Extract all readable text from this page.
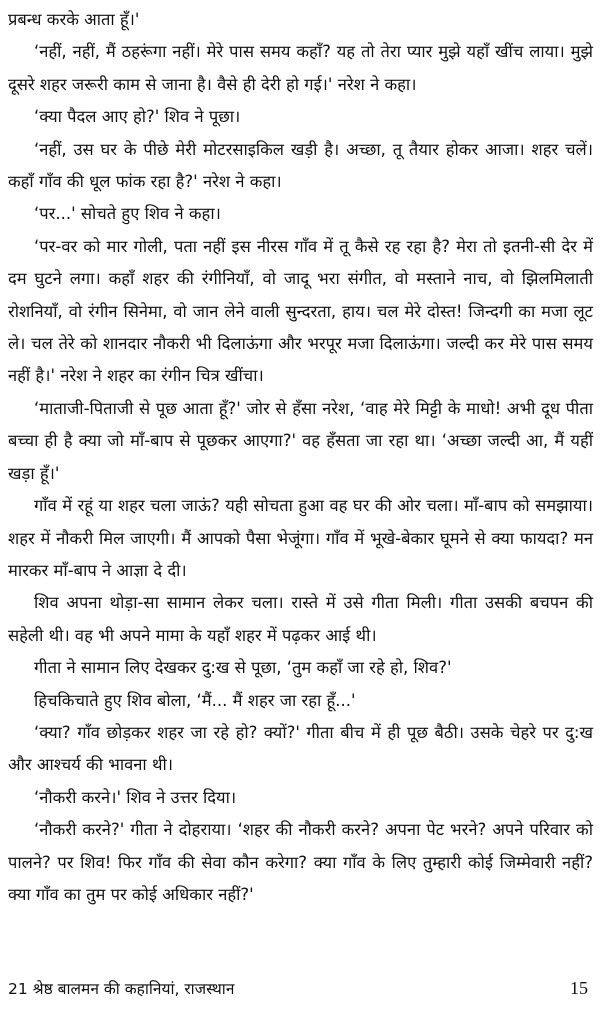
प्रबन्ध करके आता हूँ।'

‘नहीं, नहीं, मैं ठहरूंगा नहीं। मेरे पास समय कहाँ? यह तो तेरा प्यार मुझे यहाँ खींच लाया। मुझे दूसरे शहर जरूरी काम से जाना है। वैसे ही देरी हो गई।' नरेश ने कहा।

‘क्या पैदल आए हो?' शिव ने पूछा।

‘नहीं, उस घर के पीछे मेरी मोटरसाइकिल खड़ी है। अच्छा, तू तैयार होकर आजा। शहर चलें। कहाँ गाँव की धूल फांक रहा है?' नरेश ने कहा।

‘पर...' सोचते हुए शिव ने कहा।

‘पर-वर को मार गोली, पता नहीं इस नीरस गाँव में तू कैसे रह रहा है? मेरा तो इतनी-सी देर में दम घुटने लगा। कहाँ शहर की रंगीनियाँ, वो जादू भरा संगीत, वो मस्ताने नाच, वो झिलमिलाती रोशनियाँ, वो रंगीन सिनेमा, वो जान लेने वाली सुन्दरता, हाय। चल मेरे दोस्त! जिन्दगी का मजा लूट ले। चल तेरे को शानदार नौकरी भी दिलाऊंगा और भरपूर मजा दिलाऊंगा। जल्दी कर मेरे पास समय नहीं है।' नरेश ने शहर का रंगीन चित्र खींचा।

‘माताजी-पिताजी से पूछ आता हूँ?' जोर से हँसा नरेश, ‘वाह मेरे मिट्टी के माधो! अभी दूध पीता बच्चा ही है क्या जो माँ-बाप से पूछकर आएगा?' वह हँसता जा रहा था। ‘अच्छा जल्दी आ, मैं यहीं खड़ा हूँ।'

गाँव में रहूं या शहर चला जाऊं? यही सोचता हुआ वह घर की ओर चला। माँ-बाप को समझाया। शहर में नौकरी मिल जाएगी। मैं आपको पैसा भेजूंगा। गाँव में भूखे-बेकार घूमने से क्या फायदा? मन मारकर माँ-बाप ने आज्ञा दे दी।

शिव अपना थोड़ा-सा सामान लेकर चला। रास्ते में उसे गीता मिली। गीता उसकी बचपन की सहेली थी। वह भी अपने मामा के यहाँ शहर में पढ़कर आई थी।

गीता ने सामान लिए देखकर दु:ख से पूछा, ‘तुम कहाँ जा रहे हो, शिव?'

हिचकिचाते हुए शिव बोला, ‘मैं... मैं शहर जा रहा हूँ...'

‘क्या? गाँव छोड़कर शहर जा रहे हो? क्यों?' गीता बीच में ही पूछ बैठी। उसके चेहरे पर दु:ख और आश्चर्य की भावना थी।

‘नौकरी करने।' शिव ने उत्तर दिया।

‘नौकरी करने?' गीता ने दोहराया। ‘शहर की नौकरी करने? अपना पेट भरने? अपने परिवार को पालने? पर शिव! फिर गाँव की सेवा कौन करेगा? क्या गाँव के लिए तुम्हारी कोई जिम्मेवारी नहीं? क्या गाँव का तुम पर कोई अधिकार नहीं?'

21 श्रेष्ठ बालमन की कहानियां, राजस्थान	15
